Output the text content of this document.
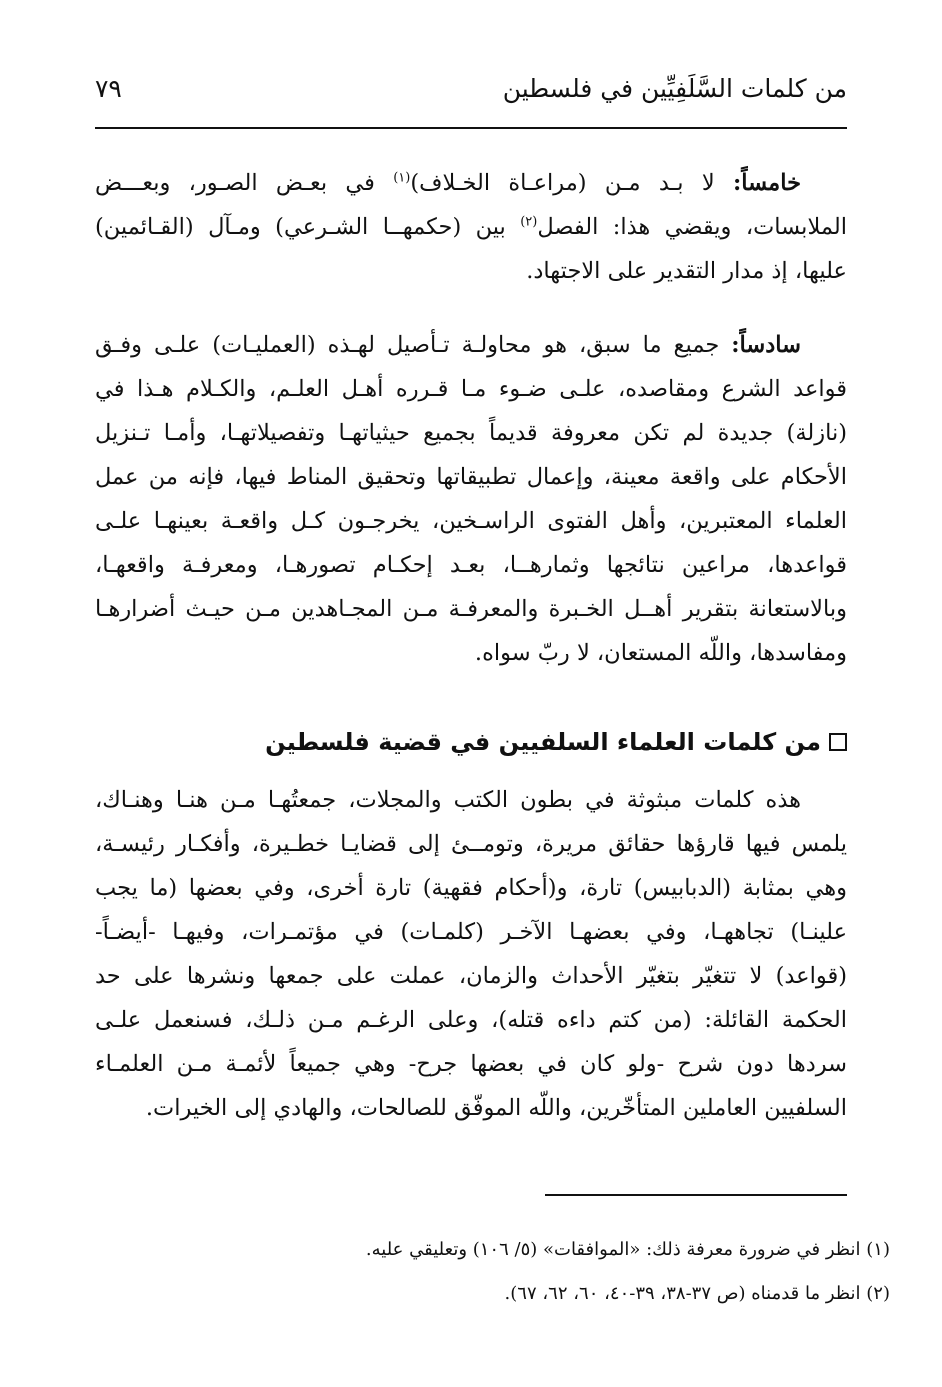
من كلمات السَّلَفِيِّين في فلسطين
٧٩
خامساً: لا بـد مـن (مراعـاة الخـلاف)$^{(١)}$ في بعـض الصـور، وبعـــض
الملابسات، ويقضي هذا: الفصل$^{(٢)}$ بين (حكمهــا الشـرعي) ومـآل (القـائمين)
عليها، إذ مدار التقدير على الاجتهاد.
سادساً: جميع ما سبق، هو محاولـة تـأصيل لهـذه (العمليـات) علـى وفـق
قواعد الشرع ومقاصده، علـى ضـوء مـا قـرره أهـل العلـم، والكـلام هـذا في
(نازلة) جديدة لم تكن معروفة قديماً بجميع حيثياتهـا وتفصيلاتهـا، وأمـا تـنزيل
الأحكام على واقعة معينة، وإعمال تطبيقاتها وتحقيق المناط فيها، فإنه من عمل
العلماء المعتبرين، وأهل الفتوى الراسـخين، يخرجـون كـل واقعـة بعينهـا علـى
قواعدها، مراعين نتائجها وثمارهــا، بعـد إحكـام تصورهـا، ومعرفـة واقعهـا،
وبالاستعانة بتقرير أهــل الخـبرة والمعرفـة مـن المجـاهدين مـن حيـث أضرارهـا
ومفاسدها، واللّه المستعان، لا ربّ سواه.
من كلمات العلماء السلفيين في قضية فلسطين
هذه كلمات مبثوثة في بطون الكتب والمجلات، جمعتُهـا مـن هنـا وهنـاك،
يلمس فيها قارؤها حقائق مريرة، وتومــئ إلى قضايـا خطـيرة، وأفكـار رئيسـة،
وهي بمثابة (الدبابيس) تارة، و(أحكام فقهية) تارة أخرى، وفي بعضها (ما يجب
علينـا) تجاههـا، وفي بعضهـا الآخـر (كلمـات) في مؤتمـرات، وفيهـا -أيضـاً-
(قواعد) لا تتغيّر بتغيّر الأحداث والزمان، عملت على جمعها ونشرها على حد
الحكمة القائلة: (من كتم داءه قتله)، وعلى الرغـم مـن ذلـك، فسنعمل علـى
سردها دون شرح -ولو كان في بعضها جرح- وهي جميعاً لأئمـة مـن العلمـاء
السلفيين العاملين المتأخّرين، واللّه الموفّق للصالحات، والهادي إلى الخيرات.
(١) انظر في ضرورة معرفة ذلك: «الموافقات» (٥/ ١٠٦) وتعليقي عليه.
(٢) انظر ما قدمناه (ص ٣٧-٣٨، ٣٩-٤٠، ٦٠، ٦٢، ٦٧).
